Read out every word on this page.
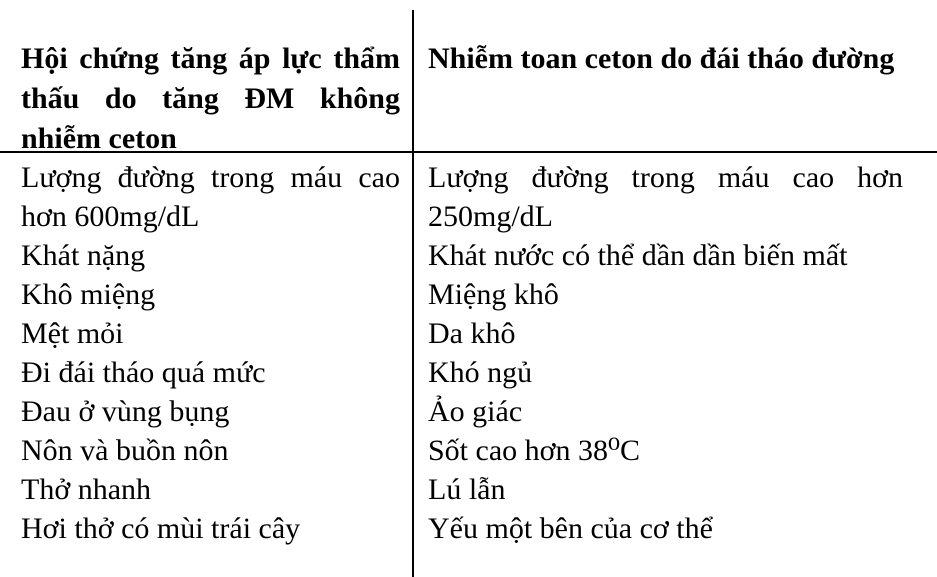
Hội chứng tăng áp lực thẩm thấu do tăng ĐM không nhiễm ceton
Nhiễm toan ceton do đái tháo đường
Lượng đường trong máu cao hơn 600mg/dL
Khát nặng
Khô miệng
Mệt mỏi
Đi đái tháo quá mức
Đau ở vùng bụng
Nôn và buồn nôn
Thở nhanh
Hơi thở có mùi trái cây
Lượng đường trong máu cao hơn 250mg/dL
Khát nước có thể dần dần biến mất
Miệng khô
Da khô
Khó ngủ
Ảo giác
Sốt cao hơn 38⁰C
Lú lẫn
Yếu một bên của cơ thể
